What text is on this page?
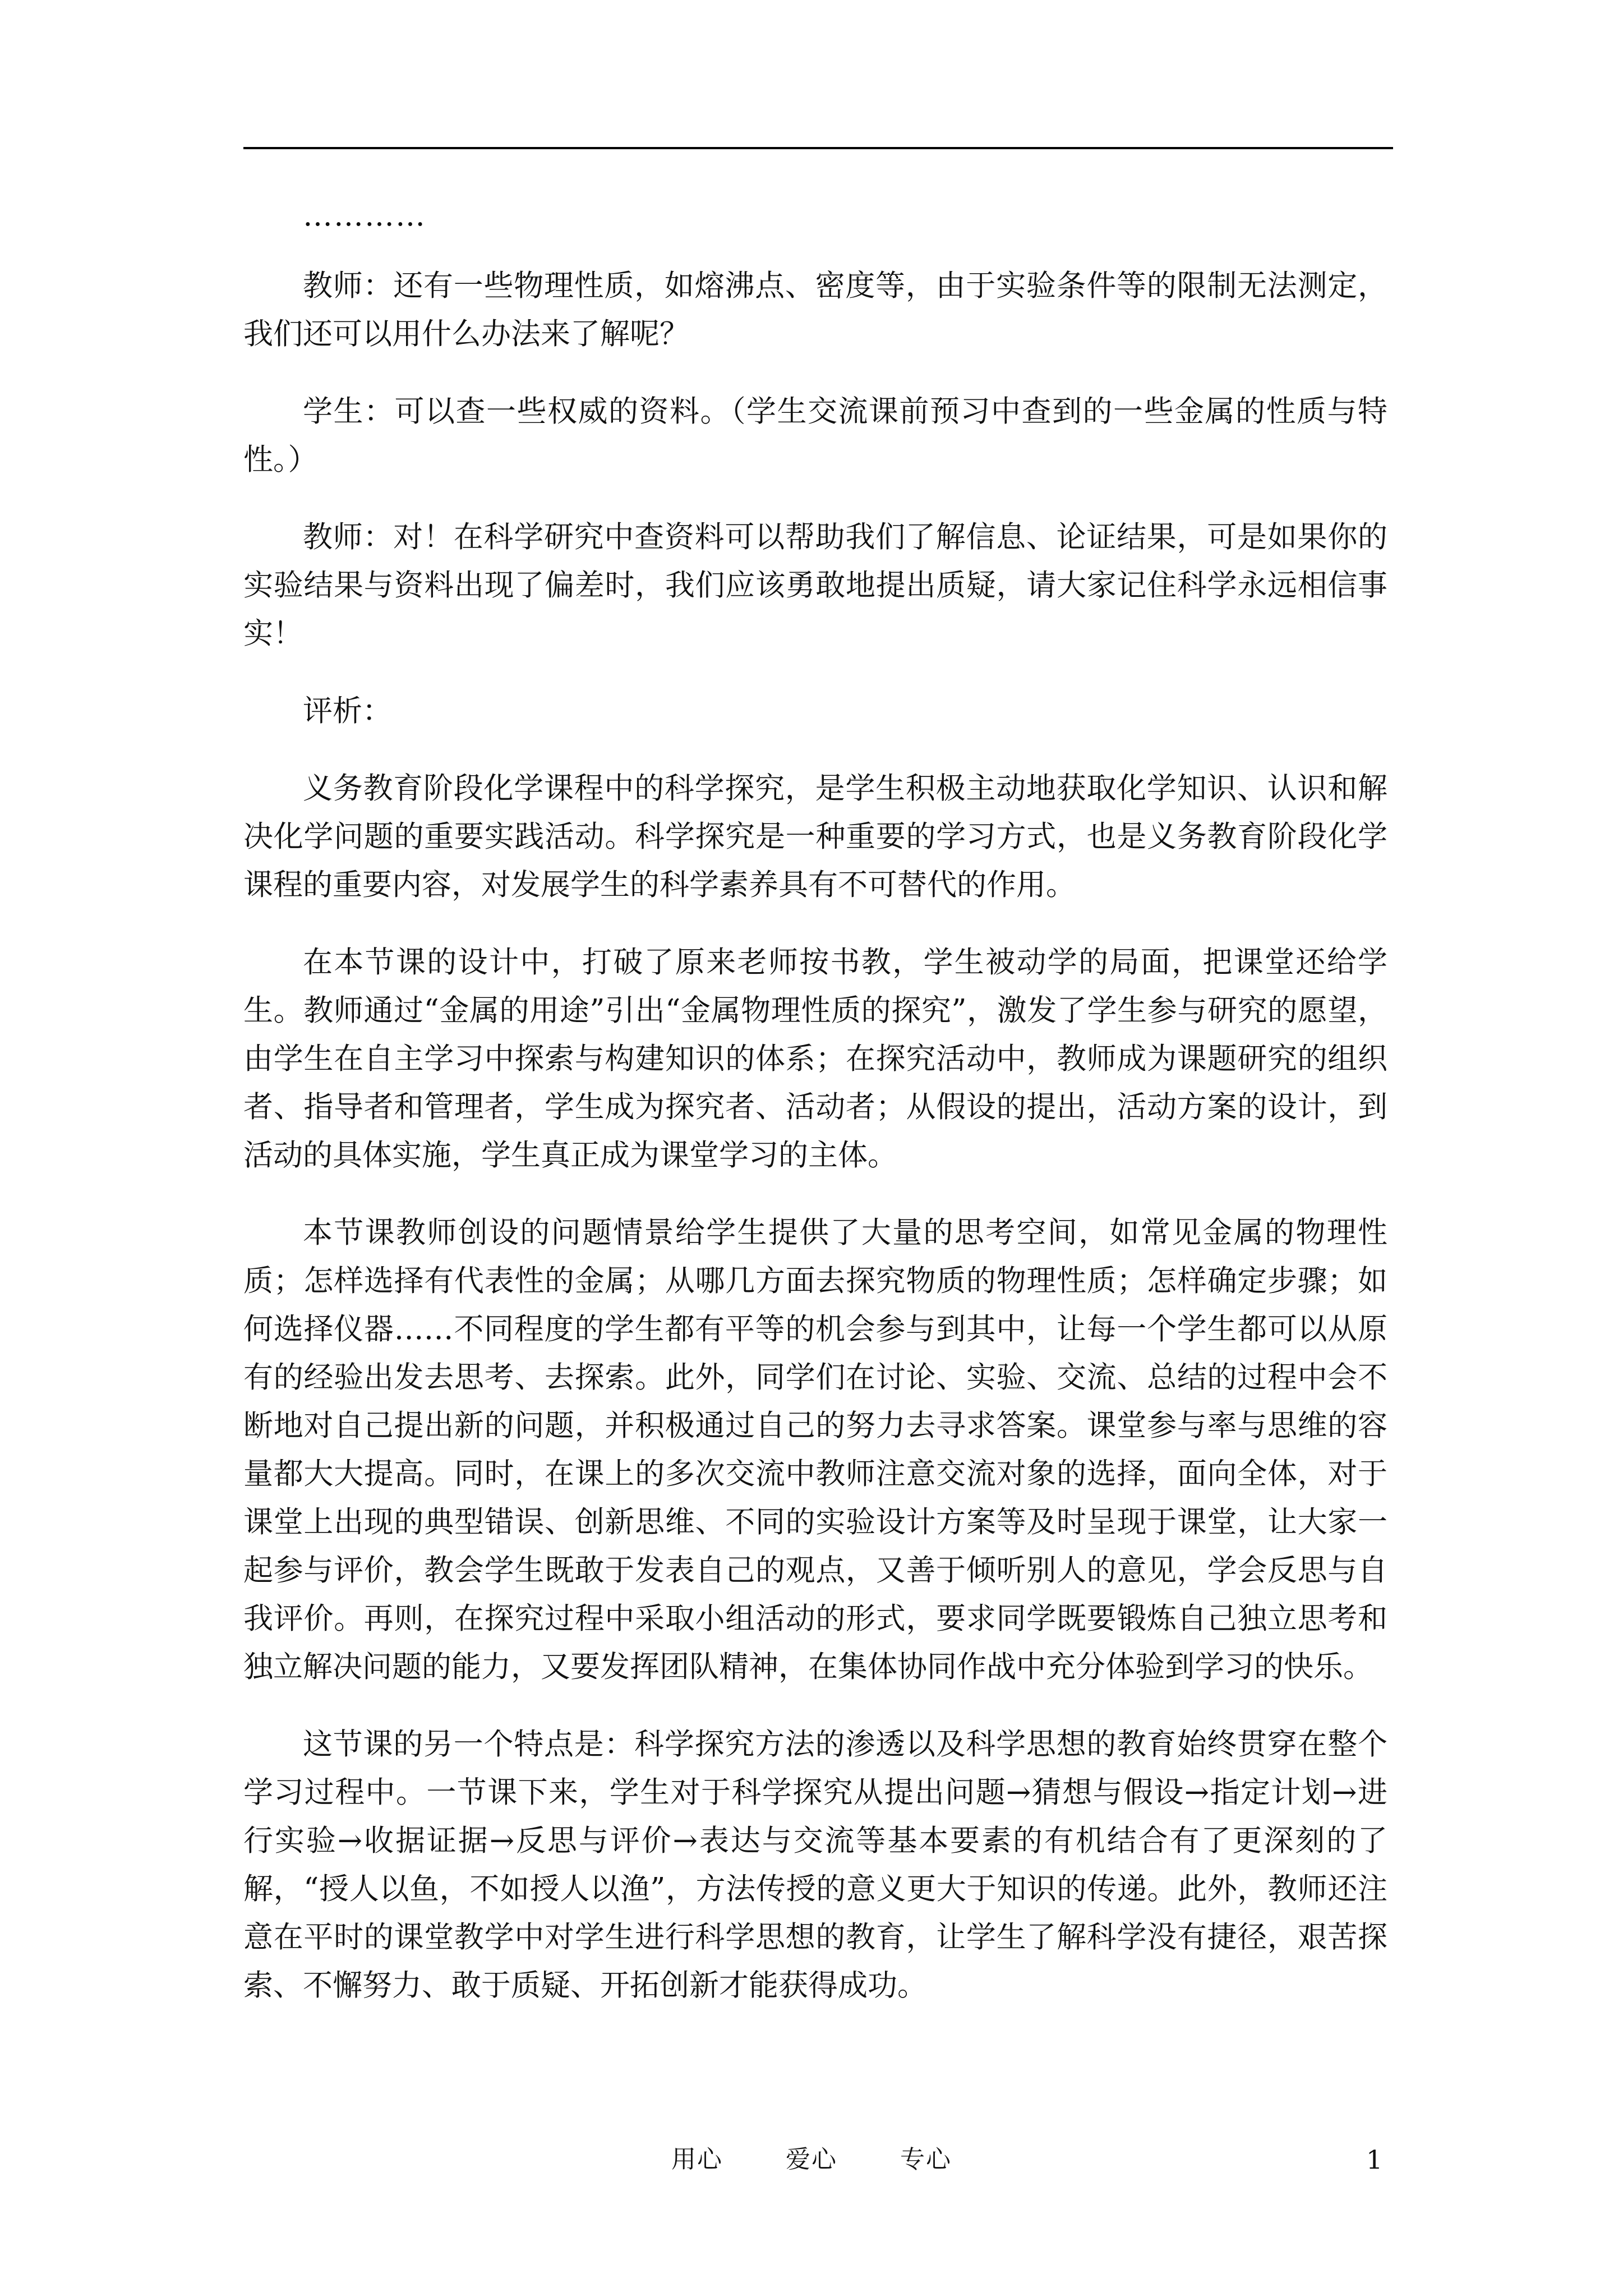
…………

教师：还有一些物理性质，如熔沸点、密度等，由于实验条件等的限制无法测定，我们还可以用什么办法来了解呢？

学生：可以查一些权威的资料。（学生交流课前预习中查到的一些金属的性质与特性。）

教师：对！在科学研究中查资料可以帮助我们了解信息、论证结果，可是如果你的实验结果与资料出现了偏差时，我们应该勇敢地提出质疑，请大家记住科学永远相信事实！

评析：

义务教育阶段化学课程中的科学探究，是学生积极主动地获取化学知识、认识和解决化学问题的重要实践活动。科学探究是一种重要的学习方式，也是义务教育阶段化学课程的重要内容，对发展学生的科学素养具有不可替代的作用。

在本节课的设计中，打破了原来老师按书教，学生被动学的局面，把课堂还给学生。教师通过“金属的用途”引出“金属物理性质的探究”，激发了学生参与研究的愿望，由学生在自主学习中探索与构建知识的体系；在探究活动中，教师成为课题研究的组织者、指导者和管理者，学生成为探究者、活动者；从假设的提出，活动方案的设计，到活动的具体实施，学生真正成为课堂学习的主体。

本节课教师创设的问题情景给学生提供了大量的思考空间，如常见金属的物理性质；怎样选择有代表性的金属；从哪几方面去探究物质的物理性质；怎样确定步骤；如何选择仪器……不同程度的学生都有平等的机会参与到其中，让每一个学生都可以从原有的经验出发去思考、去探索。此外，同学们在讨论、实验、交流、总结的过程中会不断地对自己提出新的问题，并积极通过自己的努力去寻求答案。课堂参与率与思维的容量都大大提高。同时，在课上的多次交流中教师注意交流对象的选择，面向全体，对于课堂上出现的典型错误、创新思维、不同的实验设计方案等及时呈现于课堂，让大家一起参与评价，教会学生既敢于发表自己的观点，又善于倾听别人的意见，学会反思与自我评价。再则，在探究过程中采取小组活动的形式，要求同学既要锻炼自己独立思考和独立解决问题的能力，又要发挥团队精神，在集体协同作战中充分体验到学习的快乐。

这节课的另一个特点是：科学探究方法的渗透以及科学思想的教育始终贯穿在整个学习过程中。一节课下来，学生对于科学探究从提出问题→猜想与假设→指定计划→进行实验→收据证据→反思与评价→表达与交流等基本要素的有机结合有了更深刻的了解，“授人以鱼，不如授人以渔”，方法传授的意义更大于知识的传递。此外，教师还注意在平时的课堂教学中对学生进行科学思想的教育，让学生了解科学没有捷径，艰苦探索、不懈努力、敢于质疑、开拓创新才能获得成功。

用心  爱心  专心	1
